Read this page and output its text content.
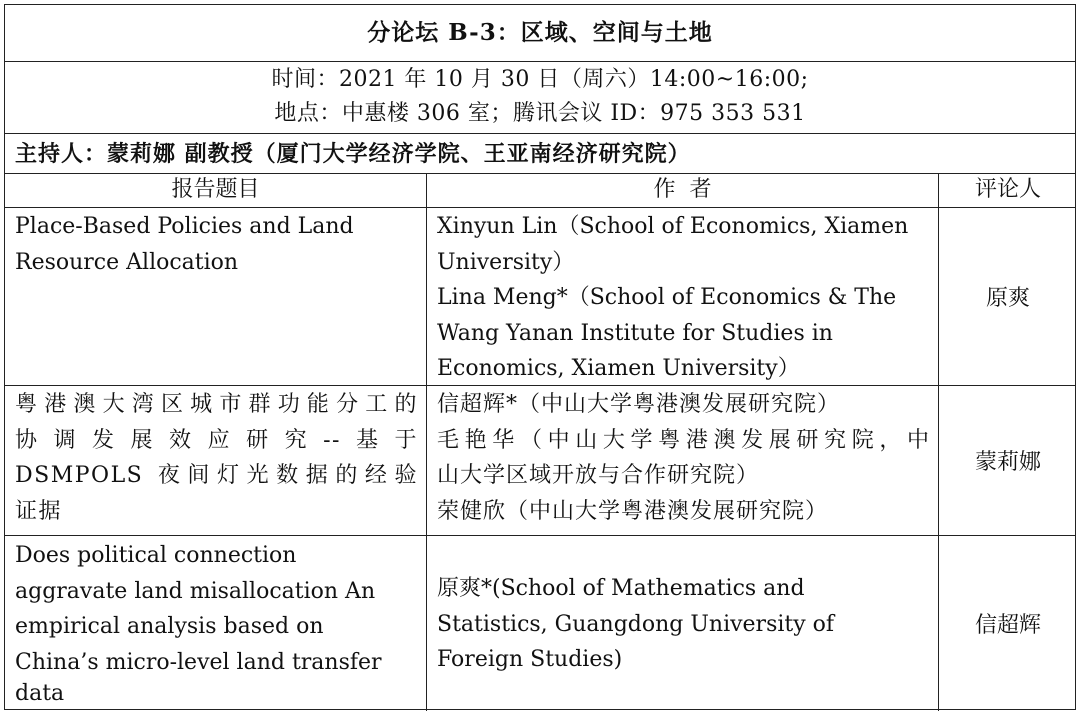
分论坛 B-3：区域、空间与土地
时间：2021 年 10 月 30 日（周六）14:00~16:00;
地点：中惠楼 306 室；腾讯会议 ID：975 353 531
主持人：蒙莉娜 副教授（厦门大学经济学院、王亚南经济研究院）
报告题目	作  者	评论人
Place-Based Policies and Land
Resource Allocation
Xinyun Lin（School of Economics, Xiamen
University）
Lina Meng*（School of Economics & The
Wang Yanan Institute for Studies in
Economics, Xiamen University）
原爽
粤港澳大湾区城市群功能分工的
协调发展效应研究--基于
DSMPOLS 夜间灯光数据的经验
证据
信超辉*（中山大学粤港澳发展研究院）
毛艳华（中山大学粤港澳发展研究院，中
山大学区域开放与合作研究院）
荣健欣（中山大学粤港澳发展研究院）
蒙莉娜
Does political connection
aggravate land misallocation An
empirical analysis based on
China’s micro-level land transfer
data
原爽*(School of Mathematics and
Statistics, Guangdong University of
Foreign Studies)
信超辉
